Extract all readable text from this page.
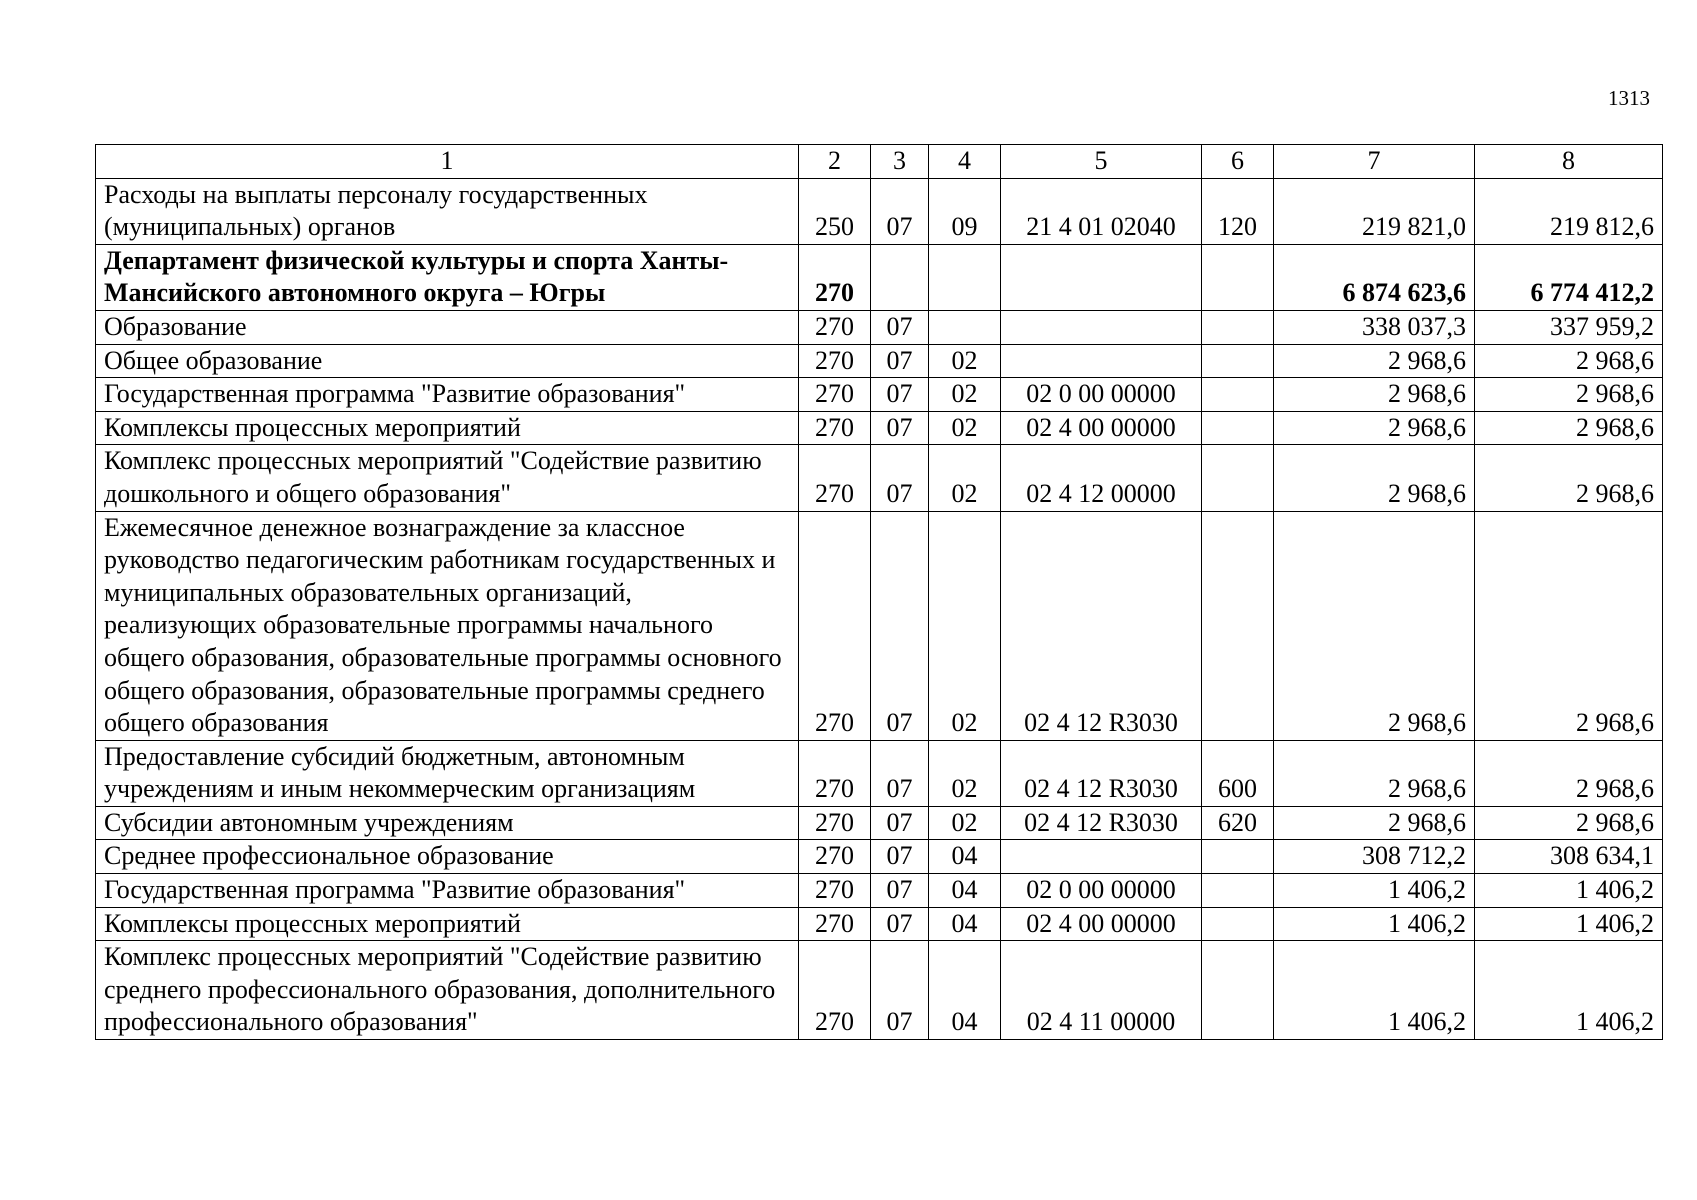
1313
1	2	3	4	5	6	7	8
Расходы на выплаты персоналу государственных (муниципальных) органов	250	07	09	21 4 01 02040	120	219 821,0	219 812,6
Департамент физической культуры и спорта Ханты-Мансийского автономного округа – Югры	270					6 874 623,6	6 774 412,2
Образование	270	07				338 037,3	337 959,2
Общее образование	270	07	02			2 968,6	2 968,6
Государственная программа "Развитие образования"	270	07	02	02 0 00 00000		2 968,6	2 968,6
Комплексы процессных мероприятий	270	07	02	02 4 00 00000		2 968,6	2 968,6
Комплекс процессных мероприятий "Содействие развитию дошкольного и общего образования"	270	07	02	02 4 12 00000		2 968,6	2 968,6
Ежемесячное денежное вознаграждение за классное руководство педагогическим работникам государственных и муниципальных образовательных организаций, реализующих образовательные программы начального общего образования, образовательные программы основного общего образования, образовательные программы среднего общего образования	270	07	02	02 4 12 R3030		2 968,6	2 968,6
Предоставление субсидий бюджетным, автономным учреждениям и иным некоммерческим организациям	270	07	02	02 4 12 R3030	600	2 968,6	2 968,6
Субсидии автономным учреждениям	270	07	02	02 4 12 R3030	620	2 968,6	2 968,6
Среднее профессиональное образование	270	07	04			308 712,2	308 634,1
Государственная программа "Развитие образования"	270	07	04	02 0 00 00000		1 406,2	1 406,2
Комплексы процессных мероприятий	270	07	04	02 4 00 00000		1 406,2	1 406,2
Комплекс процессных мероприятий "Содействие развитию среднего профессионального образования, дополнительного профессионального образования"	270	07	04	02 4 11 00000		1 406,2	1 406,2
